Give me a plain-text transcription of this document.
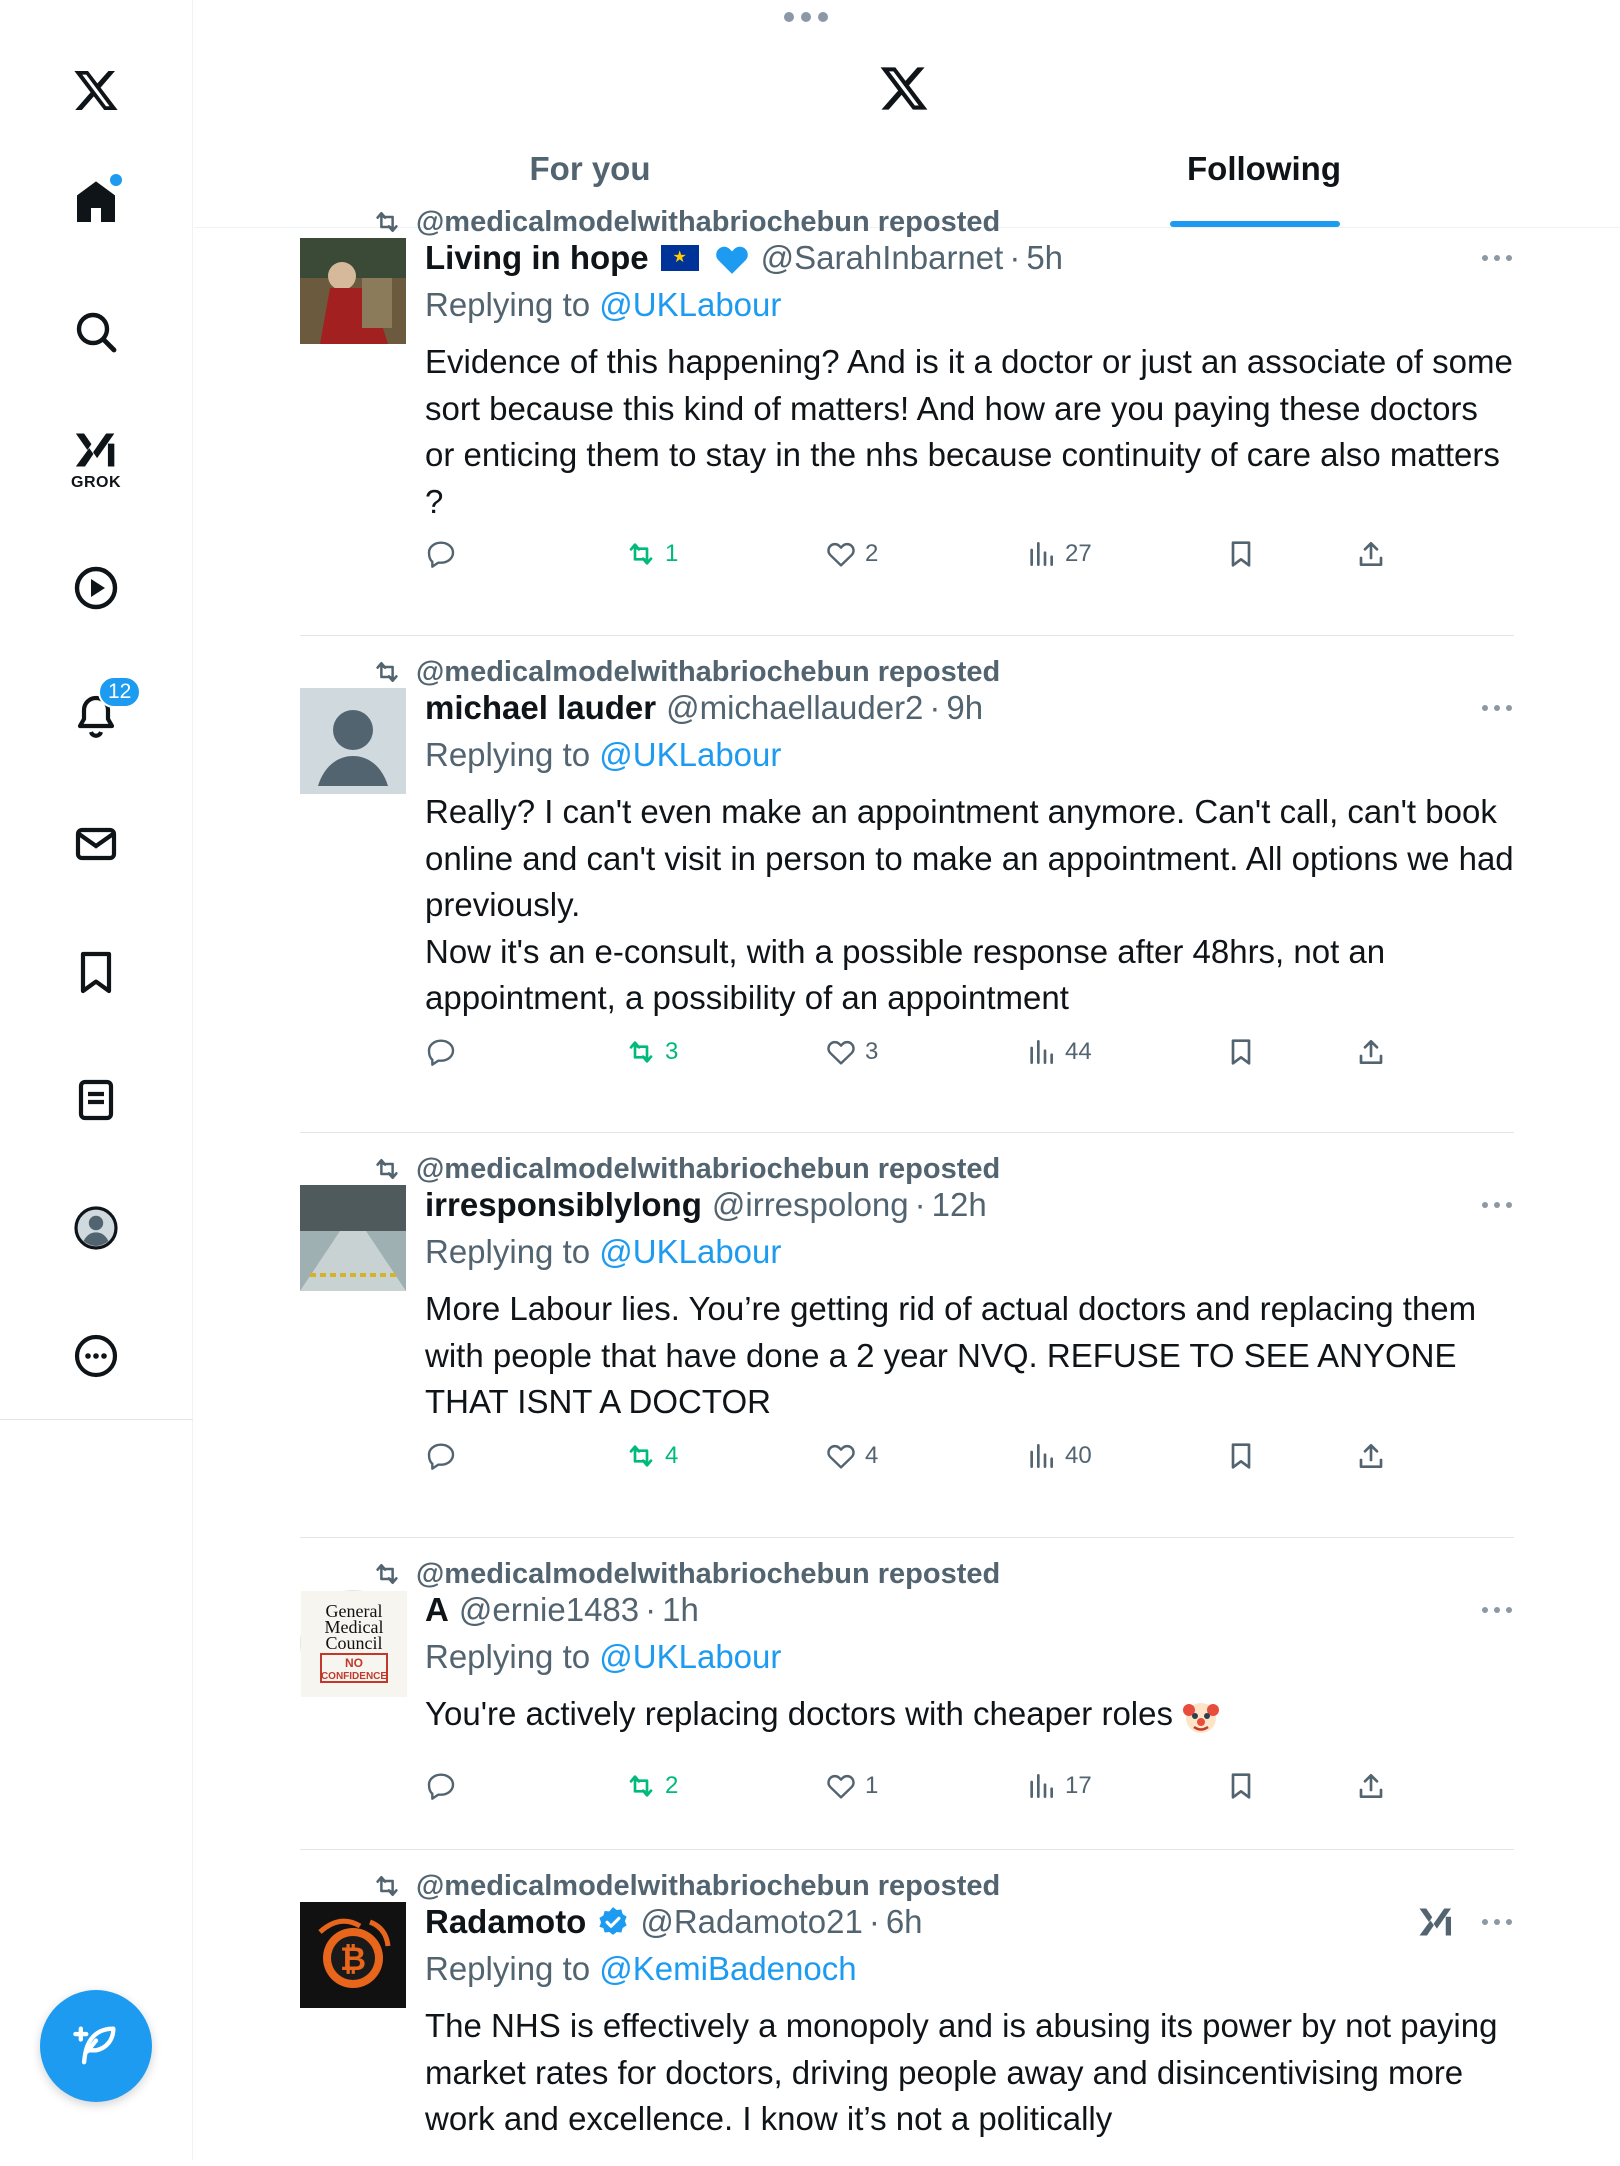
GROK
12
For you	Following
@medicalmodelwithabriochebun reposted
Living in hope
★	@SarahInbarnet · 5h
Replying to @UKLabour
Evidence of this happening? And is it a doctor or just an associate of some sort because this kind of matters! And how are you paying these doctors or enticing them to stay in the nhs because continuity of care also matters ?
1	2	27
@medicalmodelwithabriochebun reposted
michael lauder @michaellauder2 · 9h
Replying to @UKLabour
Really? I can't even make an appointment anymore. Can't call, can't book online and can't visit in person to make an appointment. All options we had previously.
Now it's an e-consult, with a possible response after 48hrs, not an appointment, a possibility of an appointment
3	3	44
@medicalmodelwithabriochebun reposted
irresponsiblylong @irrespolong · 12h
Replying to @UKLabour
More Labour lies. You’re getting rid of actual doctors and replacing them with people that have done a 2 year NVQ. REFUSE TO SEE ANYONE THAT ISNT A DOCTOR
4	4	40
@medicalmodelwithabriochebun reposted
General
Medical
Council
NO
CONFIDENCE
A @ernie1483 · 1h
Replying to @UKLabour
You're actively replacing doctors with cheaper roles
2	1	17
@medicalmodelwithabriochebun reposted
₿
Radamoto @Radamoto21 · 6h
Replying to @KemiBadenoch
The NHS is effectively a monopoly and is abusing its power by not paying market rates for doctors, driving people away and disincentivising more work and excellence. I know it’s not a politically
